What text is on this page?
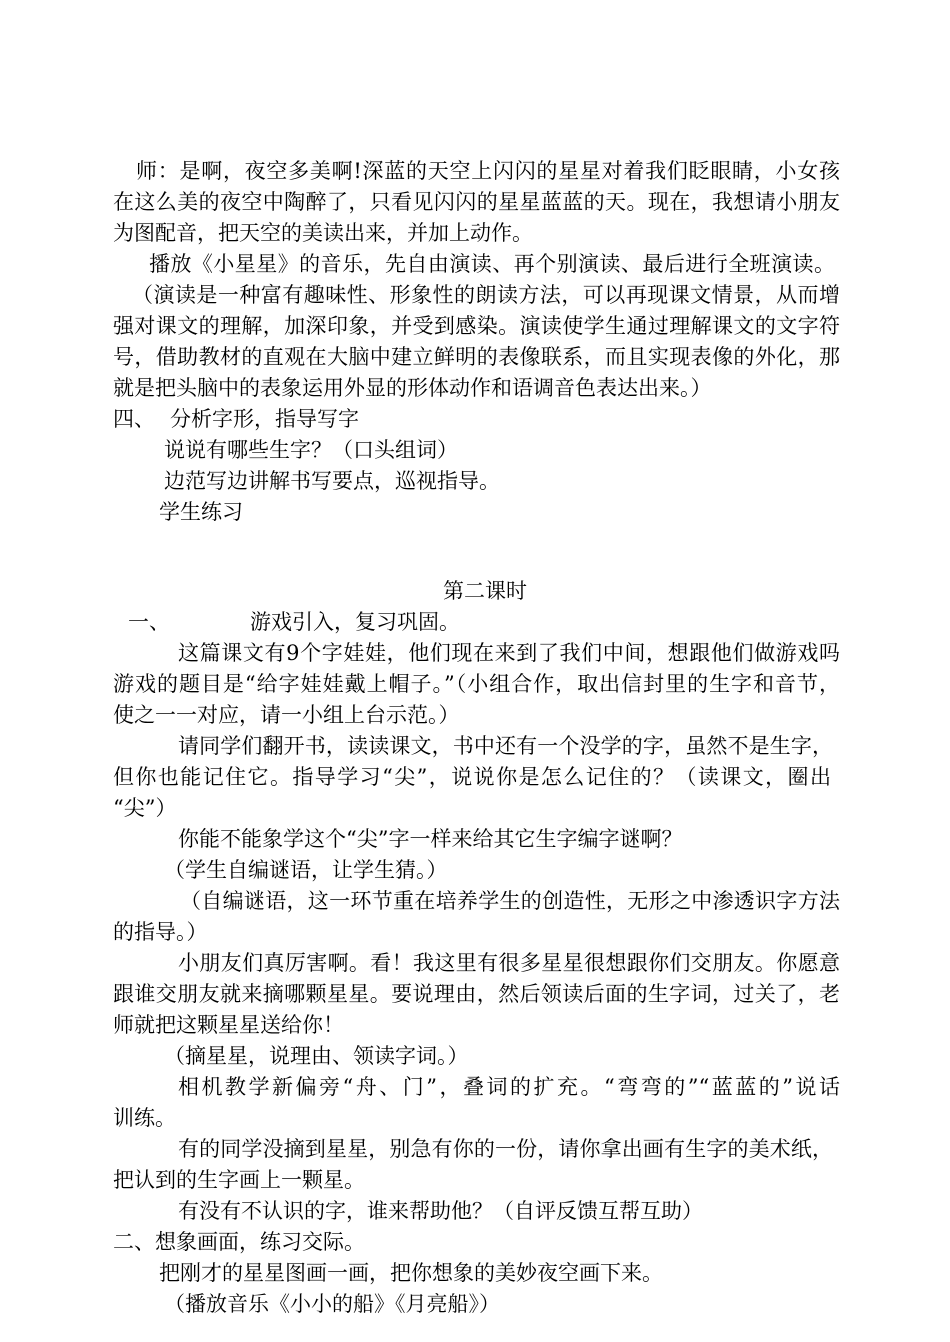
师：是啊，夜空多美啊!深蓝的天空上闪闪的星星对着我们眨眼睛，小女孩
在这么美的夜空中陶醉了，只看见闪闪的星星蓝蓝的天。现在，我想请小朋友
为图配音，把天空的美读出来，并加上动作。
播放《小星星》的音乐，先自由演读、再个别演读、最后进行全班演读。
（演读是一种富有趣味性、形象性的朗读方法，可以再现课文情景，从而增
强对课文的理解，加深印象，并受到感染。演读使学生通过理解课文的文字符
号，借助教材的直观在大脑中建立鲜明的表像联系，而且实现表像的外化，那
就是把头脑中的表象运用外显的形体动作和语调音色表达出来。）
四、 分析字形，指导写字
说说有哪些生字？（口头组词）
边范写边讲解书写要点，巡视指导。
学生练习
第二课时
一、	游戏引入，复习巩固。
这篇课文有9个字娃娃，他们现在来到了我们中间，想跟他们做游戏吗
游戏的题目是“给字娃娃戴上帽子。”（小组合作，取出信封里的生字和音节，
使之一一对应，请一小组上台示范。）
请同学们翻开书，读读课文，书中还有一个没学的字，虽然不是生字，
但你也能记住它。指导学习“尖”，说说你是怎么记住的？（读课文，圈出
“尖”）
你能不能象学这个“尖”字一样来给其它生字编字谜啊？
（学生自编谜语，让学生猜。）
（自编谜语，这一环节重在培养学生的创造性，无形之中渗透识字方法
的指导。）
小朋友们真厉害啊。看！我这里有很多星星很想跟你们交朋友。你愿意
跟谁交朋友就来摘哪颗星星。要说理由，然后领读后面的生字词，过关了，老
师就把这颗星星送给你！
（摘星星，说理由、领读字词。）
相机教学新偏旁“舟、门”，叠词的扩充。“弯弯的”“蓝蓝的”说话
训练。
有的同学没摘到星星，别急有你的一份，请你拿出画有生字的美术纸，
把认到的生字画上一颗星。
有没有不认识的字，谁来帮助他？（自评反馈互帮互助）
二、想象画面，练习交际。
把刚才的星星图画一画，把你想象的美妙夜空画下来。
（播放音乐《小小的船》《月亮船》）
